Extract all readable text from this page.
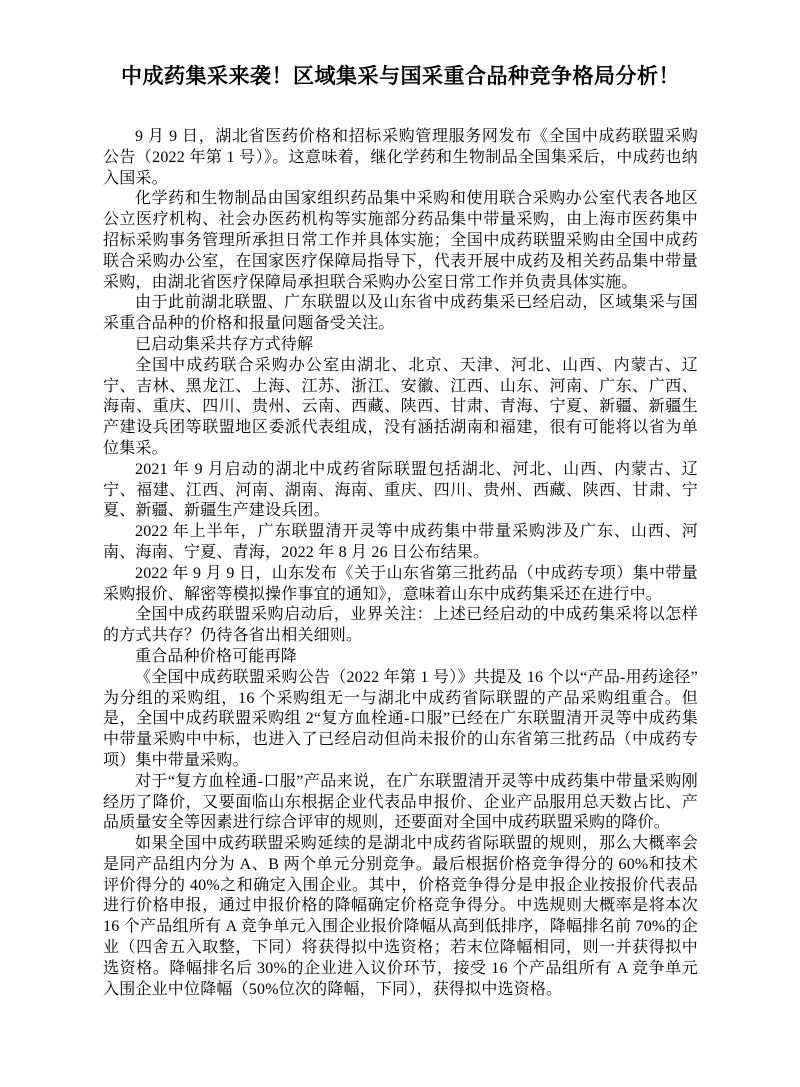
中成药集采来袭！区域集采与国采重合品种竞争格局分析！

9 月 9 日，湖北省医药价格和招标采购管理服务网发布《全国中成药联盟采购公告（2022 年第 1 号）》。这意味着，继化学药和生物制品全国集采后，中成药也纳入国采。

化学药和生物制品由国家组织药品集中采购和使用联合采购办公室代表各地区公立医疗机构、社会办医药机构等实施部分药品集中带量采购，由上海市医药集中招标采购事务管理所承担日常工作并具体实施；全国中成药联盟采购由全国中成药联合采购办公室，在国家医疗保障局指导下，代表开展中成药及相关药品集中带量采购，由湖北省医疗保障局承担联合采购办公室日常工作并负责具体实施。

由于此前湖北联盟、广东联盟以及山东省中成药集采已经启动，区域集采与国采重合品种的价格和报量问题备受关注。

已启动集采共存方式待解

全国中成药联合采购办公室由湖北、北京、天津、河北、山西、内蒙古、辽宁、吉林、黑龙江、上海、江苏、浙江、安徽、江西、山东、河南、广东、广西、海南、重庆、四川、贵州、云南、西藏、陕西、甘肃、青海、宁夏、新疆、新疆生产建设兵团等联盟地区委派代表组成，没有涵括湖南和福建，很有可能将以省为单位集采。

2021 年 9 月启动的湖北中成药省际联盟包括湖北、河北、山西、内蒙古、辽宁、福建、江西、河南、湖南、海南、重庆、四川、贵州、西藏、陕西、甘肃、宁夏、新疆、新疆生产建设兵团。

2022 年上半年，广东联盟清开灵等中成药集中带量采购涉及广东、山西、河南、海南、宁夏、青海，2022 年 8 月 26 日公布结果。

2022 年 9 月 9 日，山东发布《关于山东省第三批药品（中成药专项）集中带量采购报价、解密等模拟操作事宜的通知》，意味着山东中成药集采还在进行中。

全国中成药联盟采购启动后，业界关注：上述已经启动的中成药集采将以怎样的方式共存？仍待各省出相关细则。

重合品种价格可能再降

《全国中成药联盟采购公告（2022 年第 1 号）》共提及 16 个以“产品-用药途径”为分组的采购组，16 个采购组无一与湖北中成药省际联盟的产品采购组重合。但是，全国中成药联盟采购组 2“复方血栓通-口服”已经在广东联盟清开灵等中成药集中带量采购中中标，也进入了已经启动但尚未报价的山东省第三批药品（中成药专项）集中带量采购。

对于“复方血栓通-口服”产品来说，在广东联盟清开灵等中成药集中带量采购刚经历了降价，又要面临山东根据企业代表品申报价、企业产品服用总天数占比、产品质量安全等因素进行综合评审的规则，还要面对全国中成药联盟采购的降价。

如果全国中成药联盟采购延续的是湖北中成药省际联盟的规则，那么大概率会是同产品组内分为 A、B 两个单元分别竞争。最后根据价格竞争得分的 60%和技术评价得分的 40%之和确定入围企业。其中，价格竞争得分是申报企业按报价代表品进行价格申报，通过申报价格的降幅确定价格竞争得分。中选规则大概率是将本次 16 个产品组所有 A 竞争单元入围企业报价降幅从高到低排序，降幅排名前 70%的企业（四舍五入取整，下同）将获得拟中选资格；若末位降幅相同，则一并获得拟中选资格。降幅排名后 30%的企业进入议价环节，接受 16 个产品组所有 A 竞争单元入围企业中位降幅（50%位次的降幅，下同），获得拟中选资格。
